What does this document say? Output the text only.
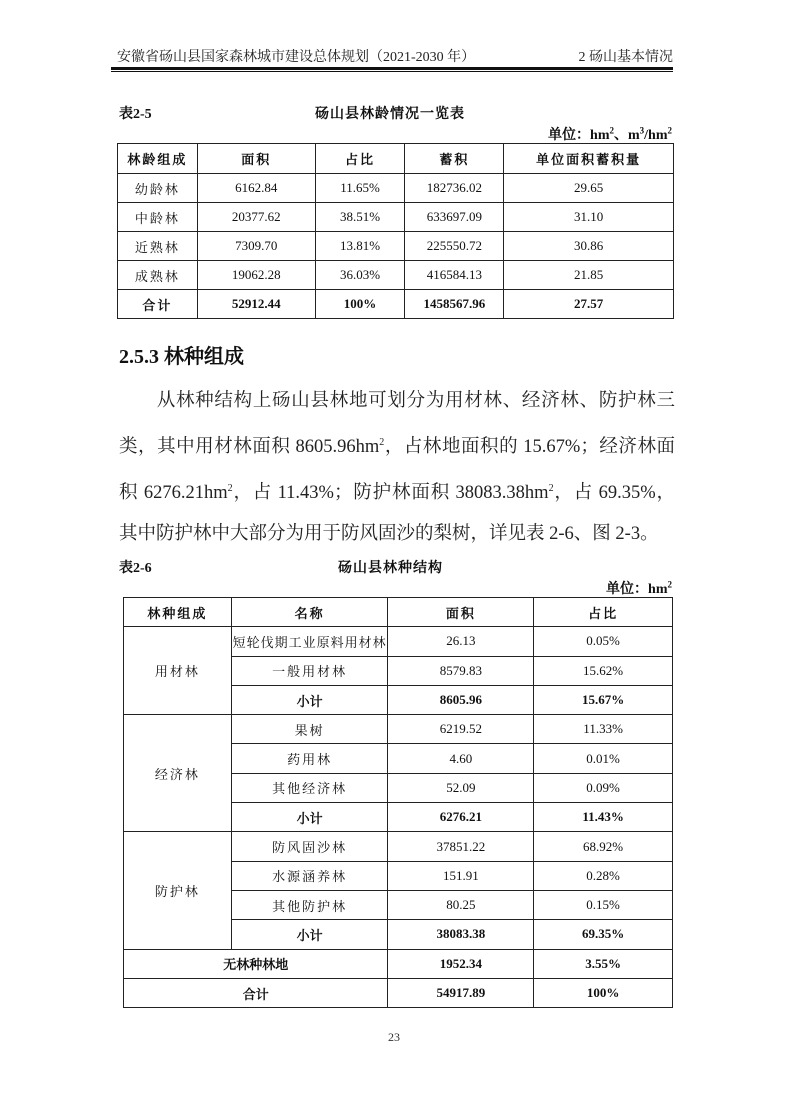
安徽省砀山县国家森林城市建设总体规划（2021-2030 年）	2 砀山基本情况
表2-5	砀山县林龄情况一览表
单位：$hm^2$、$m^3/hm^2$
林龄组成	面积	占比	蓄积	单位面积蓄积量
幼龄林	6162.84	11.65%	182736.02	29.65
中龄林	20377.62	38.51%	633697.09	31.10
近熟林	7309.70	13.81%	225550.72	30.86
成熟林	19062.28	36.03%	416584.13	21.85
合计	52912.44	100%	1458567.96	27.57
2.5.3 林种组成
从林种结构上砀山县林地可划分为用材林、经济林、防护林三类，其中用材林面积 $8605.96hm^2$，占林地面积的 15.67%；经济林面积 $6276.21hm^2$，占 11.43%；防护林面积 $38083.38hm^2$，占 69.35%，其中防护林中大部分为用于防风固沙的梨树，详见表 2-6、图 2-3。
表2-6	砀山县林种结构
单位：$hm^2$
林种组成	名称	面积	占比
用材林	短轮伐期工业原料用材林	26.13	0.05%
	一般用材林	8579.83	15.62%
	小计	8605.96	15.67%
经济林	果树	6219.52	11.33%
	药用林	4.60	0.01%
	其他经济林	52.09	0.09%
	小计	6276.21	11.43%
防护林	防风固沙林	37851.22	68.92%
	水源涵养林	151.91	0.28%
	其他防护林	80.25	0.15%
	小计	38083.38	69.35%
无林种林地		1952.34	3.55%
合计		54917.89	100%
23
